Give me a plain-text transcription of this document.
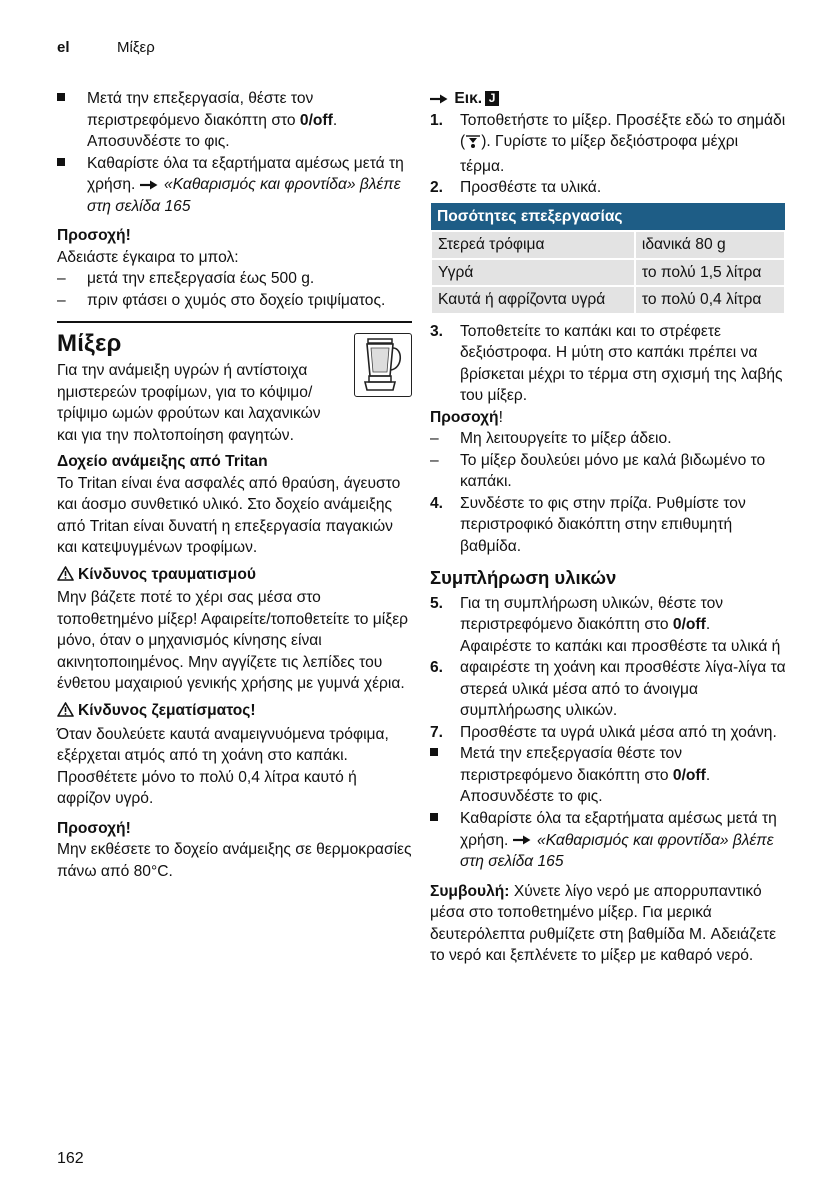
el	Μίξερ
Μετά την επεξεργασία, θέστε τον περιστρεφόμενο διακόπτη στο 0/off. Αποσυνδέστε το φις.
Καθαρίστε όλα τα εξαρτήματα αμέσως μετά τη χρήση.
«Καθαρισμός και φροντίδα» βλέπε στη σελίδα 165
Προσοχή!
Αδειάστε έγκαιρα το μπολ:
– μετά την επεξεργασία έως 500 g.
– πριν φτάσει ο χυμός στο δοχείο τριψίματος.
Μίξερ
Για την ανάμειξη υγρών ή αντίστοιχα ημιστερεών τροφίμων, για το κόψιμο/τρίψιμο ωμών φρούτων και λαχανικών και για την πολτοποίηση φαγητών.
Δοχείο ανάμειξης από Tritan
Το Tritan είναι ένα ασφαλές από θραύση, άγευστο και άοσμο συνθετικό υλικό. Στο δοχείο ανάμειξης από Tritan είναι δυνατή η επεξεργασία παγακιών και κατεψυγμένων τροφίμων.
Κίνδυνος τραυματισμού
Μην βάζετε ποτέ το χέρι σας μέσα στο τοποθετημένο μίξερ! Αφαιρείτε/τοποθετείτε το μίξερ μόνο, όταν ο μηχανισμός κίνησης είναι ακινητοποιημένος. Μην αγγίζετε τις λεπίδες του ένθετου μαχαιριού γενικής χρήσης με γυμνά χέρια.
Κίνδυνος ζεματίσματος!
Όταν δουλεύετε καυτά αναμειγνυόμενα τρόφιμα, εξέρχεται ατμός από τη χοάνη στο καπάκι. Προσθέτετε μόνο το πολύ 0,4 λίτρα καυτό ή αφρίζον υγρό.
Προσοχή!
Μην εκθέσετε το δοχείο ανάμειξης σε θερμοκρασίες πάνω από 80°C.
Εικ. J
1. Τοποθετήστε το μίξερ. Προσέξτε εδώ το σημάδι ( ). Γυρίστε το μίξερ δεξιόστροφα μέχρι τέρμα.
2. Προσθέστε τα υλικά.
Ποσότητες επεξεργασίας	
Στερεά τρόφιμα	ιδανικά 80 g
Υγρά	το πολύ 1,5 λίτρα
Καυτά ή αφρίζοντα υγρά	το πολύ 0,4 λίτρα
3. Τοποθετείτε το καπάκι και το στρέφετε δεξιόστροφα. Η μύτη στο καπάκι πρέπει να βρίσκεται μέχρι το τέρμα στη σχισμή της λαβής του μίξερ.
Προσοχή!
– Μη λειτουργείτε το μίξερ άδειο.
– Το μίξερ δουλεύει μόνο με καλά βιδωμένο το καπάκι.
4. Συνδέστε το φις στην πρίζα. Ρυθμίστε τον περιστροφικό διακόπτη στην επιθυμητή βαθμίδα.
Συμπλήρωση υλικών
5. Για τη συμπλήρωση υλικών, θέστε τον περιστρεφόμενο διακόπτη στο 0/off. Αφαιρέστε το καπάκι και προσθέστε τα υλικά ή
6. αφαιρέστε τη χοάνη και προσθέστε λίγα-λίγα τα στερεά υλικά μέσα από το άνοιγμα συμπλήρωσης υλικών.
7. Προσθέστε τα υγρά υλικά μέσα από τη χοάνη.
Μετά την επεξεργασία θέστε τον περιστρεφόμενο διακόπτη στο 0/off. Αποσυνδέστε το φις.
Καθαρίστε όλα τα εξαρτήματα αμέσως μετά τη χρήση.
«Καθαρισμός και φροντίδα» βλέπε στη σελίδα 165
Συμβουλή: Χύνετε λίγο νερό με απορρυπαντικό μέσα στο τοποθετημένο μίξερ. Για μερικά δευτερόλεπτα ρυθμίζετε στη βαθμίδα M. Αδειάζετε το νερό και ξεπλένετε το μίξερ με καθαρό νερό.
162
